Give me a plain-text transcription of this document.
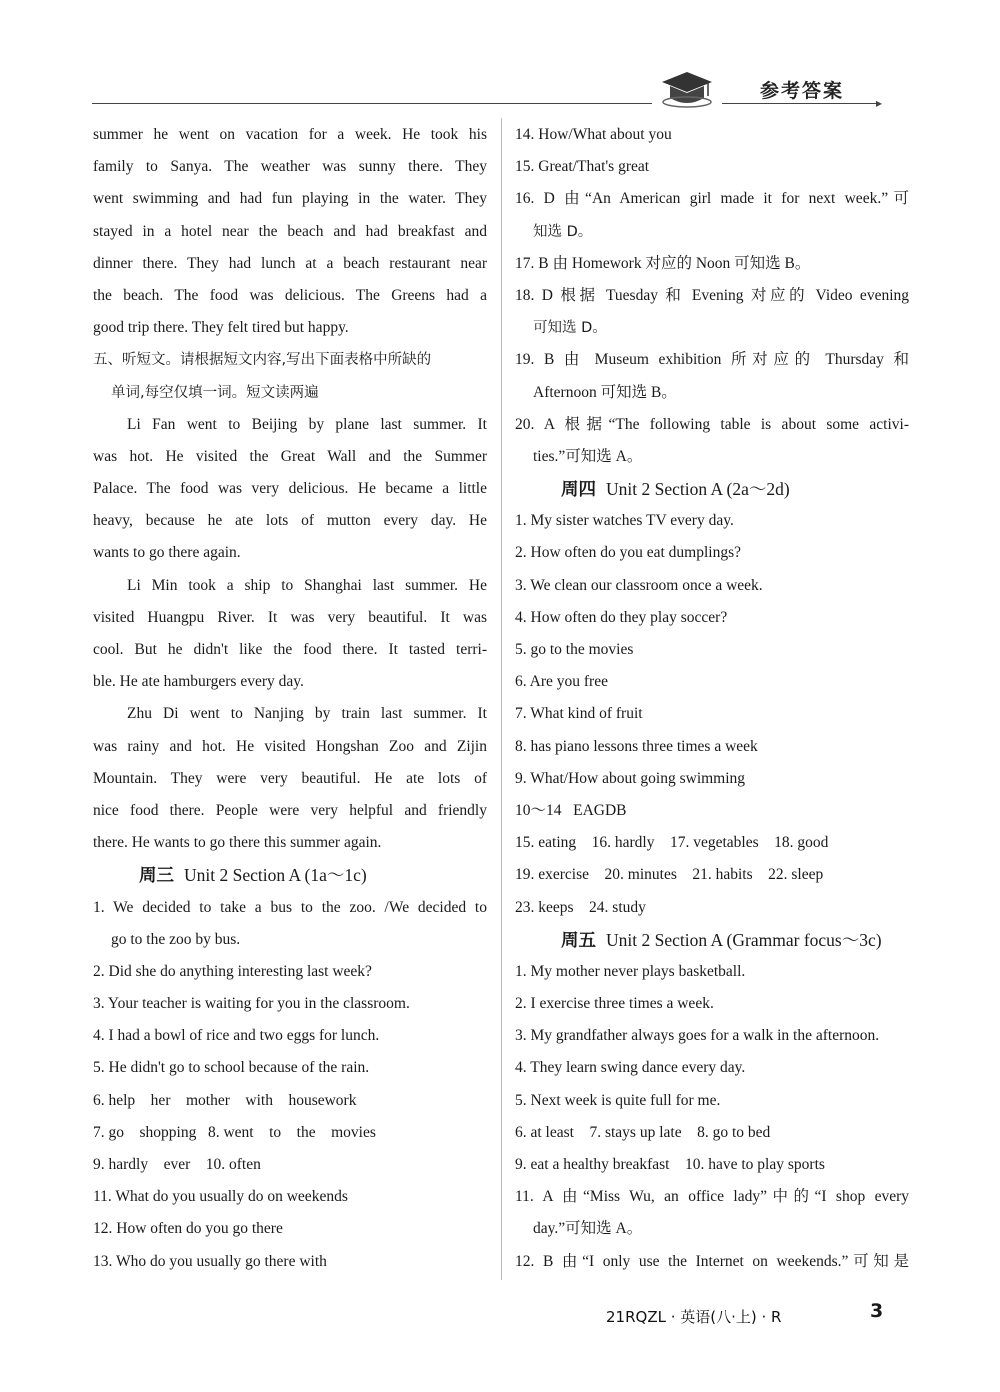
参考答案
▸
summer he went on vacation for a week. He took his
family to Sanya. The weather was sunny there. They
went swimming and had fun playing in the water. They
stayed in a hotel near the beach and had breakfast and
dinner there. They had lunch at a beach restaurant near
the beach. The food was delicious. The Greens had a
good trip there. They felt tired but happy.
五、听短文。请根据短文内容,写出下面表格中所缺的
单词,每空仅填一词。短文读两遍
Li Fan went to Beijing by plane last summer. It
was hot. He visited the Great Wall and the Summer
Palace. The food was very delicious. He became a little
heavy, because he ate lots of mutton every day. He
wants to go there again.
Li Min took a ship to Shanghai last summer. He
visited Huangpu River. It was very beautiful. It was
cool. But he didn't like the food there. It tasted terri-
ble. He ate hamburgers every day.
Zhu Di went to Nanjing by train last summer. It
was rainy and hot. He visited Hongshan Zoo and Zijin
Mountain. They were very beautiful. He ate lots of
nice food there. People were very helpful and friendly
there. He wants to go there this summer again.
周三 Unit 2 Section A (1a～1c)
1. We decided to take a bus to the zoo. /We decided to
go to the zoo by bus.
2. Did she do anything interesting last week?
3. Your teacher is waiting for you in the classroom.
4. I had a bowl of rice and two eggs for lunch.
5. He didn't go to school because of the rain.
6. help    her    mother    with    housework
7. go    shopping   8. went    to    the    movies
9. hardly    ever    10. often
11. What do you usually do on weekends
12. How often do you go there
13. Who do you usually go there with
14. How/What about you
15. Great/That's great
16. D 由“An American girl made it for next week.”可
知选 D。
17. B 由 Homework 对应的 Noon 可知选 B。
18. D 根据 Tuesday 和 Evening 对应的 Video evening
可知选 D。
19. B 由 Museum exhibition 所对应的 Thursday 和
Afternoon 可知选 B。
20. A 根据“The following table is about some activi-
ties.”可知选 A。
周四 Unit 2 Section A (2a～2d)
1. My sister watches TV every day.
2. How often do you eat dumplings?
3. We clean our classroom once a week.
4. How often do they play soccer?
5. go to the movies
6. Are you free
7. What kind of fruit
8. has piano lessons three times a week
9. What/How about going swimming
10～14   EAGDB
15. eating    16. hardly    17. vegetables    18. good
19. exercise    20. minutes    21. habits    22. sleep
23. keeps    24. study
周五 Unit 2 Section A (Grammar focus～3c)
1. My mother never plays basketball.
2. I exercise three times a week.
3. My grandfather always goes for a walk in the afternoon.
4. They learn swing dance every day.
5. Next week is quite full for me.
6. at least    7. stays up late    8. go to bed
9. eat a healthy breakfast    10. have to play sports
11. A 由“Miss Wu, an office lady”中的“I shop every
day.”可知选 A。
12. B 由“I only use the Internet on weekends.”可知是
21RQZL · 英语(八·上) · R	3
